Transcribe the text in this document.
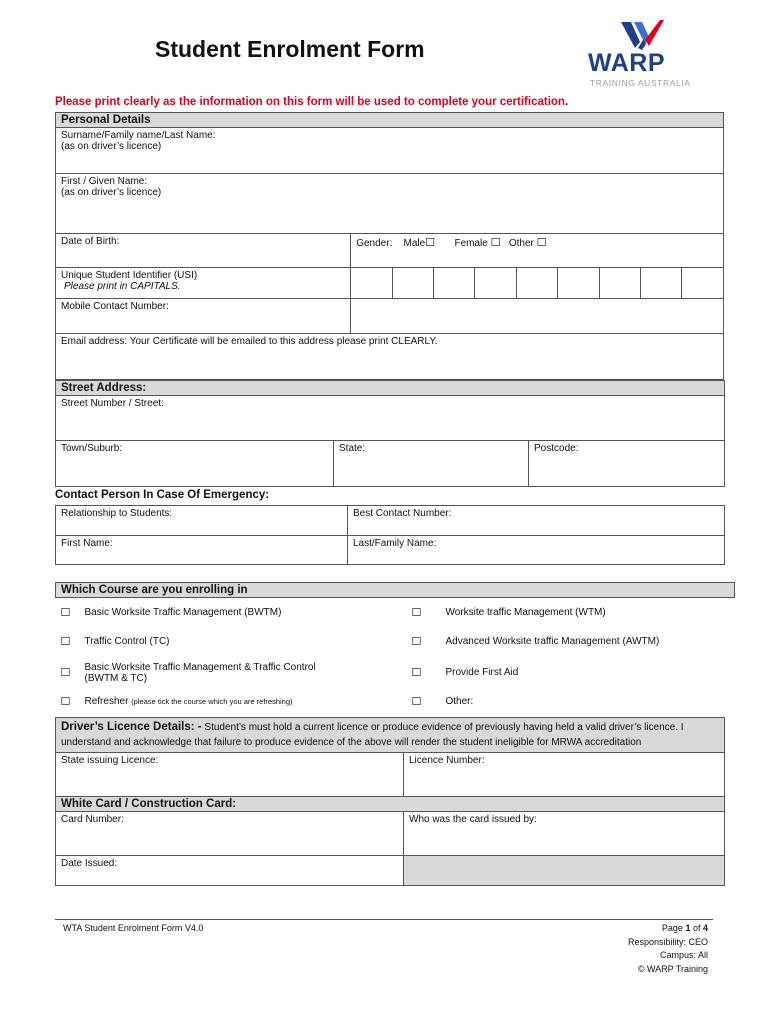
Student Enrolment Form	WARP
TRAINING AUSTRALIA
Please print clearly as the information on this form will be used to complete your certification.
Personal Details									

Surname/Family name/Last Name:
(as on driver’s licence)									

First / Given Name:
(as on driver’s licence)									

Date of Birth:	Gender: Male☐ Female ☐ Other ☐								

Unique Student Identifier (USI)
Please print in CAPITALS.									

Mobile Contact Number:									
Email address: Your Certificate will be emailed to this address please print CLEARLY.									
Street Address:
Street Number / Street:
Town/Suburb:	State:	Postcode:
Contact Person In Case Of Emergency:
Relationship to Students:	Best Contact Number:
First Name:	Last/Family Name:
Which Course are you enrolling in			
☐	Basic Worksite Traffic Management (BWTM)	☐	Worksite traffic Management (WTM)
☐	Traffic Control (TC)	☐	Advanced Worksite traffic Management (AWTM)
☐	Basic Worksite Traffic Management & Traffic Control
(BWTM & TC)	☐	Provide First Aid
☐	Refresher (please tick the course which you are refreshing)	☐	Other:
Driver’s Licence Details: - Student’s must hold a current licence or produce evidence of previously having held a valid driver’s licence. I understand and acknowledge that failure to produce evidence of the above will render the student ineligible for MRWA accreditation	
State issuing Licence:	Licence Number:
White Card / Construction Card:	
Card Number:	Who was the card issued by:
Date Issued:	
WTA Student Enrolment Form V4.0	Page 1 of 4
Responsibility: CEO
Campus: All
© WARP Training
